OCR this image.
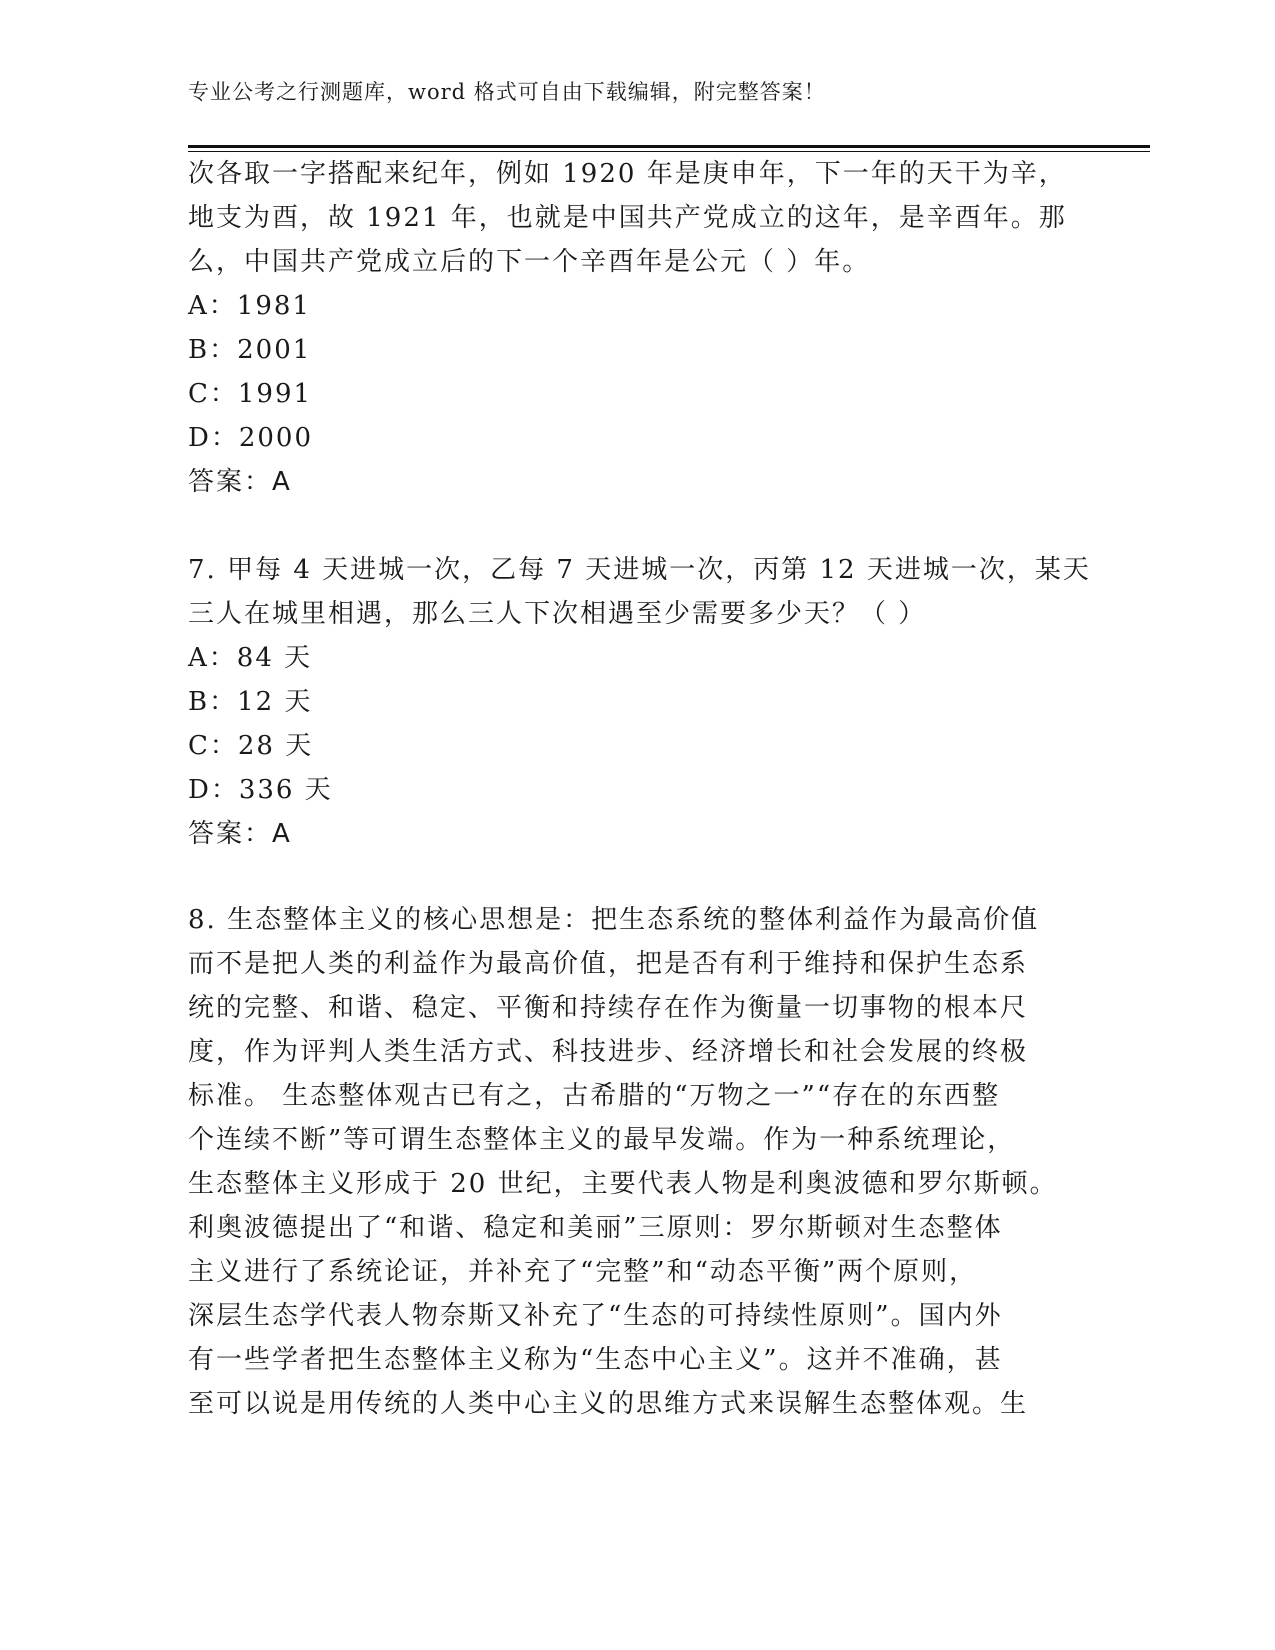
专业公考之行测题库，word 格式可自由下载编辑，附完整答案！
次各取一字搭配来纪年，例如 1920 年是庚申年，下一年的天干为辛，
地支为酉，故 1921 年，也就是中国共产党成立的这年，是辛酉年。那
么，中国共产党成立后的下一个辛酉年是公元（ ）年。
A：1981
B：2001
C：1991
D：2000
答案：A
7. 甲每 4 天进城一次，乙每 7 天进城一次，丙第 12 天进城一次，某天
三人在城里相遇，那么三人下次相遇至少需要多少天？（ ）
A：84 天
B：12 天
C：28 天
D：336 天
答案：A
8. 生态整体主义的核心思想是：把生态系统的整体利益作为最高价值
而不是把人类的利益作为最高价值，把是否有利于维持和保护生态系
统的完整、和谐、稳定、平衡和持续存在作为衡量一切事物的根本尺
度，作为评判人类生活方式、科技进步、经济增长和社会发展的终极
标准。 生态整体观古已有之，古希腊的“万物之一”“存在的东西整
个连续不断”等可谓生态整体主义的最早发端。作为一种系统理论，
生态整体主义形成于 20 世纪，主要代表人物是利奥波德和罗尔斯顿。
利奥波德提出了“和谐、稳定和美丽”三原则：罗尔斯顿对生态整体
主义进行了系统论证，并补充了“完整”和“动态平衡”两个原则，
深层生态学代表人物奈斯又补充了“生态的可持续性原则”。国内外
有一些学者把生态整体主义称为“生态中心主义”。这并不准确，甚
至可以说是用传统的人类中心主义的思维方式来误解生态整体观。生
